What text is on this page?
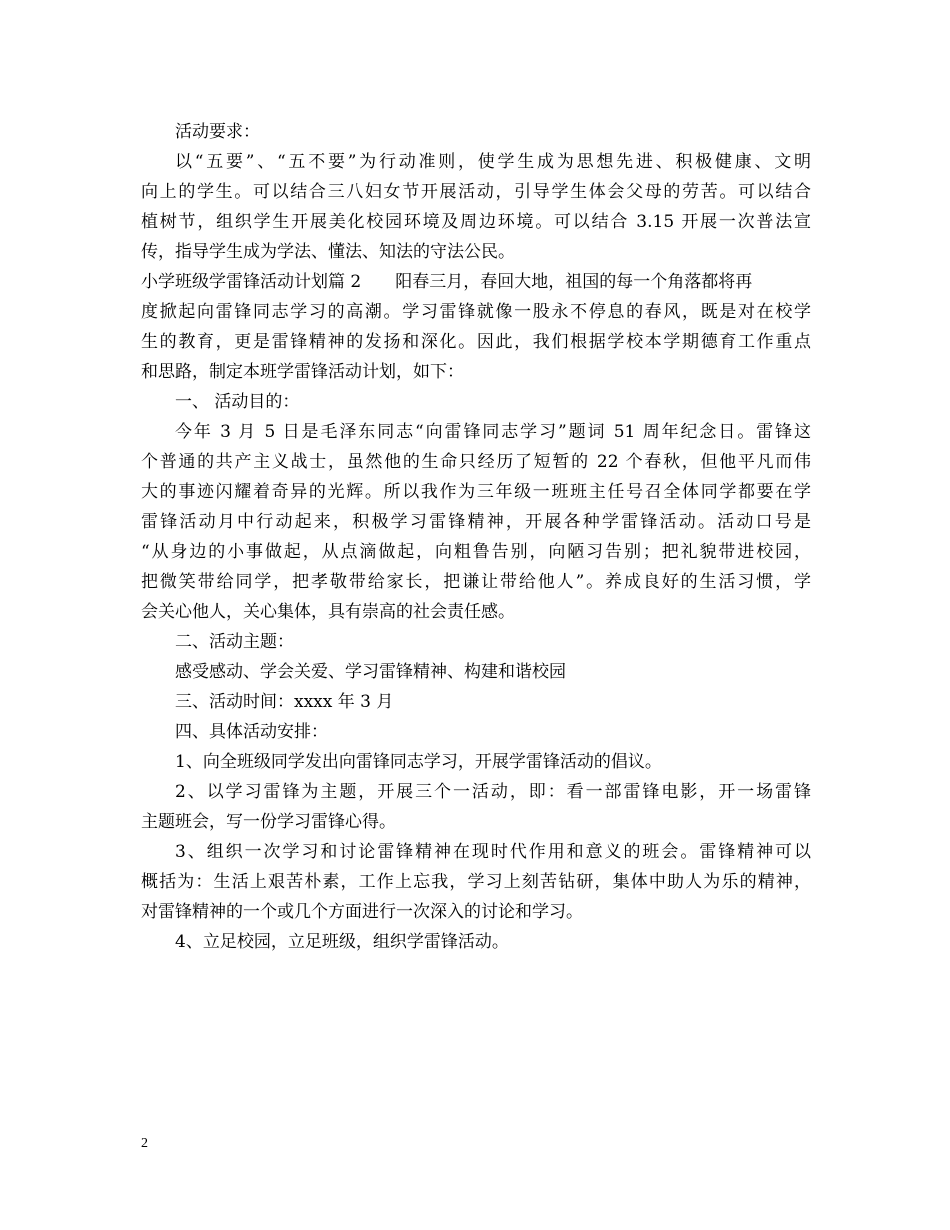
活动要求：
以“五要”、“五不要”为行动准则，使学生成为思想先进、积极健康、文明
向上的学生。可以结合三八妇女节开展活动，引导学生体会父母的劳苦。可以结合
植树节，组织学生开展美化校园环境及周边环境。可以结合 3.15 开展一次普法宣
传，指导学生成为学法、懂法、知法的守法公民。
小学班级学雷锋活动计划篇 2 阳春三月，春回大地，祖国的每一个角落都将再
度掀起向雷锋同志学习的高潮。学习雷锋就像一股永不停息的春风，既是对在校学
生的教育，更是雷锋精神的发扬和深化。因此，我们根据学校本学期德育工作重点
和思路，制定本班学雷锋活动计划，如下：
一、 活动目的：
今年 3 月 5 日是毛泽东同志“向雷锋同志学习”题词 51 周年纪念日。雷锋这
个普通的共产主义战士，虽然他的生命只经历了短暂的 22 个春秋，但他平凡而伟
大的事迹闪耀着奇异的光辉。所以我作为三年级一班班主任号召全体同学都要在学
雷锋活动月中行动起来，积极学习雷锋精神，开展各种学雷锋活动。活动口号是
“从身边的小事做起，从点滴做起，向粗鲁告别，向陋习告别；把礼貌带进校园，
把微笑带给同学，把孝敬带给家长，把谦让带给他人”。养成良好的生活习惯，学
会关心他人，关心集体，具有崇高的社会责任感。
二、活动主题：
感受感动、学会关爱、学习雷锋精神、构建和谐校园
三、活动时间：xxxx 年 3 月
四、具体活动安排：
1、向全班级同学发出向雷锋同志学习，开展学雷锋活动的倡议。
2、以学习雷锋为主题，开展三个一活动，即：看一部雷锋电影，开一场雷锋
主题班会，写一份学习雷锋心得。
3、组织一次学习和讨论雷锋精神在现时代作用和意义的班会。雷锋精神可以
概括为：生活上艰苦朴素，工作上忘我，学习上刻苦钻研，集体中助人为乐的精神，
对雷锋精神的一个或几个方面进行一次深入的讨论和学习。
4、立足校园，立足班级，组织学雷锋活动。
2
